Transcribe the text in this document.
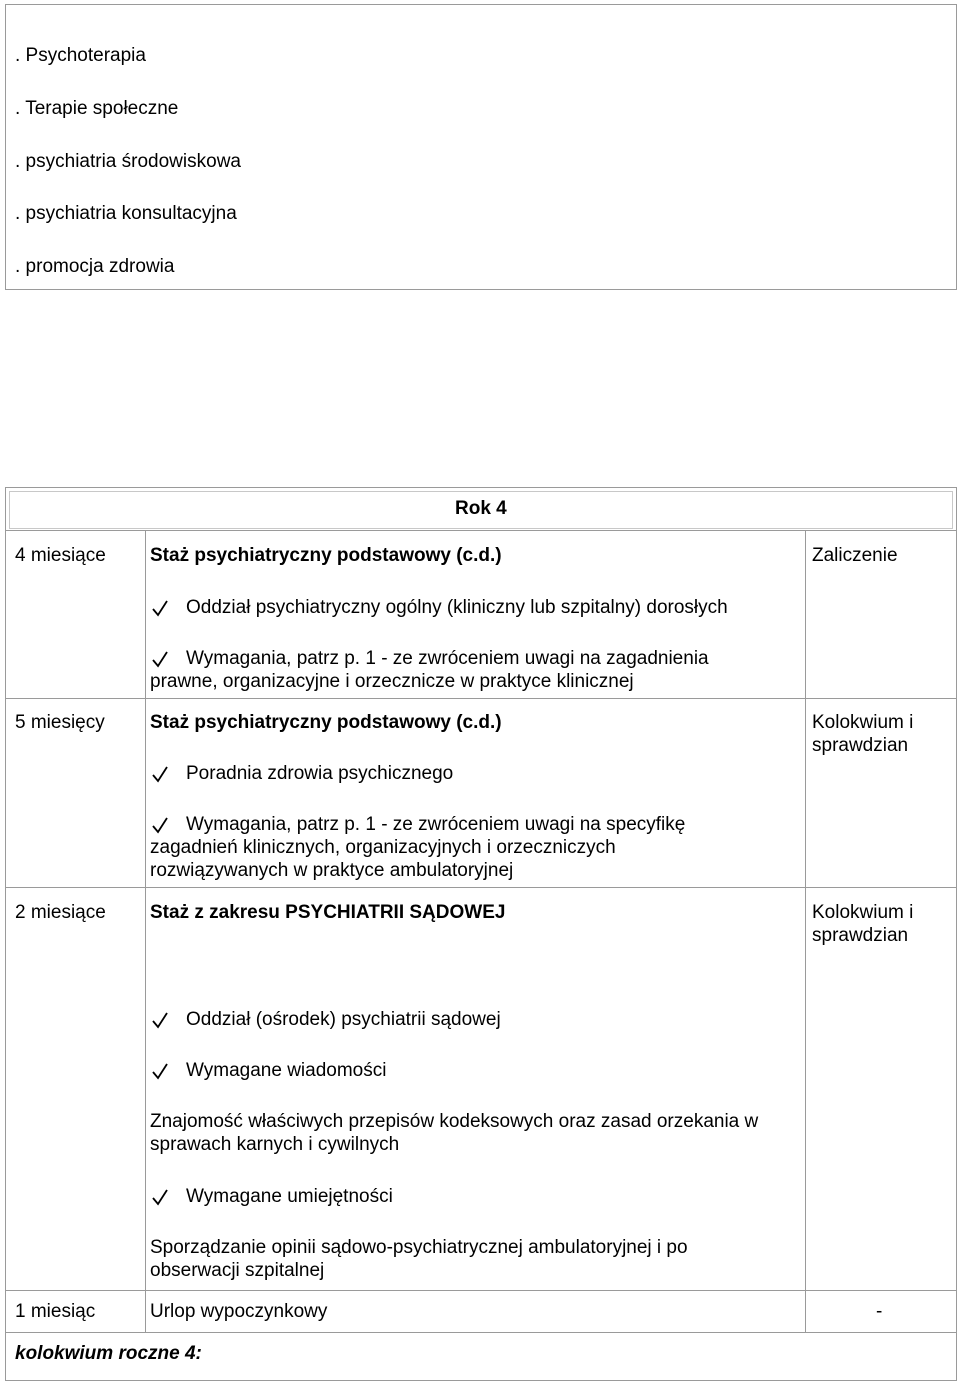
. Psychoterapia
. Terapie społeczne
. psychiatria środowiskowa
. psychiatria konsultacyjna
. promocja zdrowia
Rok 4
4 miesiące Staż psychiatryczny podstawowy (c.d.)	Zaliczenie
Oddział psychiatryczny ogólny (kliniczny lub szpitalny) dorosłych
Wymagania, patrz p. 1 - ze zwróceniem uwagi na zagadnienia
prawne, organizacyjne i orzecznicze w praktyce klinicznej
5 miesięcy Staż psychiatryczny podstawowy (c.d.)	Kolokwium i
sprawdzian
Poradnia zdrowia psychicznego
Wymagania, patrz p. 1 - ze zwróceniem uwagi na specyfikę
zagadnień klinicznych, organizacyjnych i orzeczniczych
rozwiązywanych w praktyce ambulatoryjnej
2 miesiące Staż z zakresu PSYCHIATRII SĄDOWEJ	Kolokwium i
sprawdzian
Oddział (ośrodek) psychiatrii sądowej
Wymagane wiadomości
Znajomość właściwych przepisów kodeksowych oraz zasad orzekania w
sprawach karnych i cywilnych
Wymagane umiejętności
Sporządzanie opinii sądowo-psychiatrycznej ambulatoryjnej i po
obserwacji szpitalnej
1 miesiąc	Urlop wypoczynkowy	-
kolokwium roczne 4:
